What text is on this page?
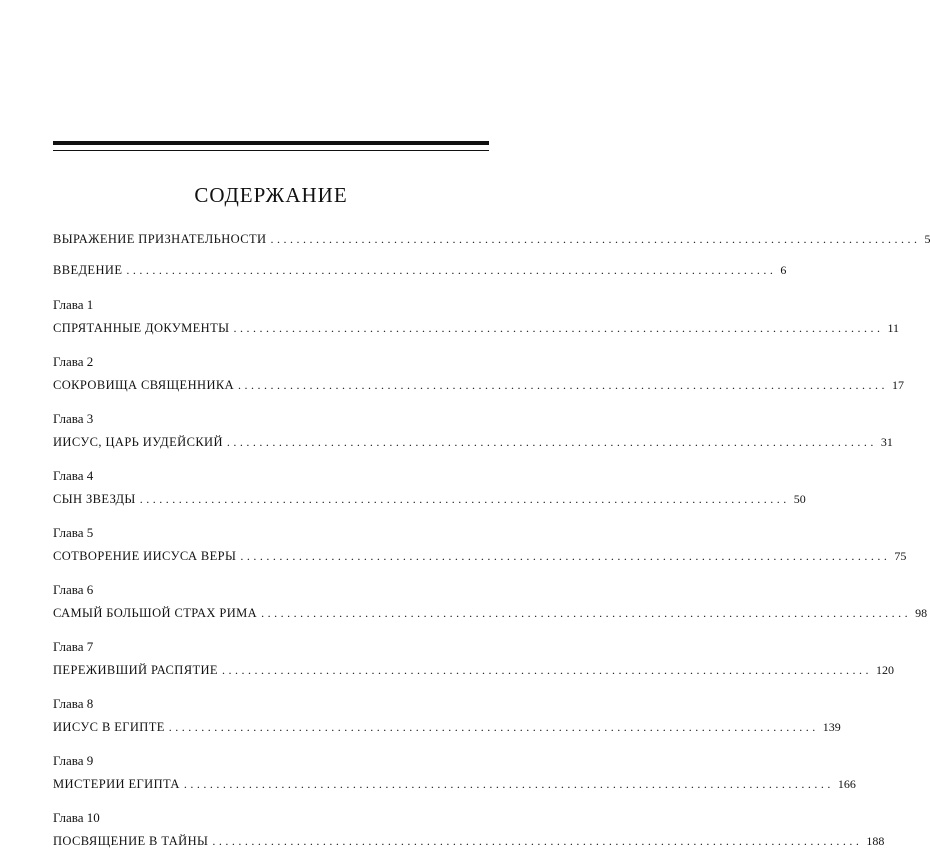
СОДЕРЖАНИЕ
ВЫРАЖЕНИЕ ПРИЗНАТЕЛЬНОСТИ .................................................................................................... 5
ВВЕДЕНИЕ .................................................................................................... 6
Глава 1
СПРЯТАННЫЕ ДОКУМЕНТЫ .................................................................................................... 11
Глава 2
СОКРОВИЩА СВЯЩЕННИКА .................................................................................................... 17
Глава 3
ИИСУС, ЦАРЬ ИУДЕЙСКИЙ .................................................................................................... 31
Глава 4
СЫН ЗВЕЗДЫ .................................................................................................... 50
Глава 5
СОТВОРЕНИЕ ИИСУСА ВЕРЫ .................................................................................................... 75
Глава 6
САМЫЙ БОЛЬШОЙ СТРАХ РИМА .................................................................................................... 98
Глава 7
ПЕРЕЖИВШИЙ РАСПЯТИЕ .................................................................................................... 120
Глава 8
ИИСУС В ЕГИПТЕ .................................................................................................... 139
Глава 9
МИСТЕРИИ ЕГИПТА .................................................................................................... 166
Глава 10
ПОСВЯЩЕНИЕ В ТАЙНЫ .................................................................................................... 188
